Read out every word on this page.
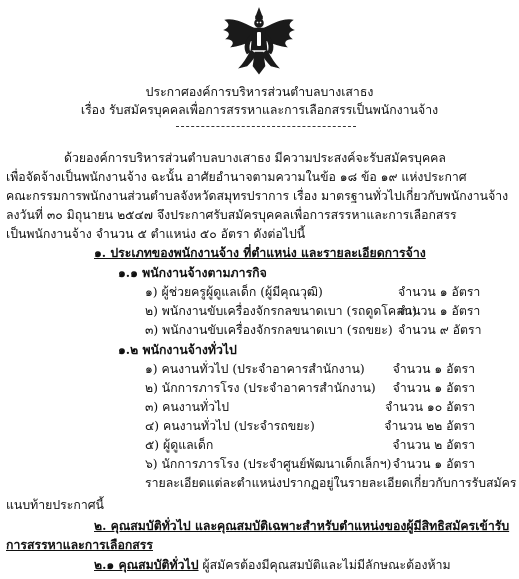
ประกาศองค์การบริหารส่วนตำบลบางเสาธง
เรื่อง รับสมัครบุคคลเพื่อการสรรหาและการเลือกสรรเป็นพนักงานจ้าง
ด้วยองค์การบริหารส่วนตำบลบางเสาธง มีความประสงค์จะรับสมัครบุคคล
เพื่อจัดจ้างเป็นพนักงานจ้าง ฉะนั้น อาศัยอำนาจตามความในข้อ ๑๘ ข้อ ๑๙ แห่งประกาศ
คณะกรรมการพนักงานส่วนตำบลจังหวัดสมุทรปราการ เรื่อง มาตรฐานทั่วไปเกี่ยวกับพนักงานจ้าง
ลงวันที่ ๓๐ มิถุนายน ๒๕๔๗ จึงประกาศรับสมัครบุคคลเพื่อการสรรหาและการเลือกสรร
เป็นพนักงานจ้าง จำนวน ๕ ตำแหน่ง ๕๐ อัตรา ดังต่อไปนี้
๑. ประเภทของพนักงานจ้าง ที่ตำแหน่ง และรายละเอียดการจ้าง
๑.๑ พนักงานจ้างตามภารกิจ
๑) ผู้ช่วยครูผู้ดูแลเด็ก (ผู้มีคุณวุฒิ)	จำนวน ๑ อัตรา
๒) พนักงานขับเครื่องจักรกลขนาดเบา (รถดูดโคลน)
จำนวน ๑ อัตรา
๓) พนักงานขับเครื่องจักรกลขนาดเบา (รถขยะ) จำนวน ๙ อัตรา
๑.๒ พนักงานจ้างทั่วไป
๑) คนงานทั่วไป (ประจำอาคารสำนักงาน)	จำนวน ๑ อัตรา
๒) นักการภารโรง (ประจำอาคารสำนักงาน)	จำนวน ๑ อัตรา
๓) คนงานทั่วไป	จำนวน ๑๐ อัตรา
๔) คนงานทั่วไป (ประจำรถขยะ)	จำนวน ๒๒ อัตรา
๕) ผู้ดูแลเด็ก	จำนวน ๒ อัตรา
๖) นักการภารโรง (ประจำศูนย์พัฒนาเด็กเล็กฯ) จำนวน ๑ อัตรา
รายละเอียดแต่ละตำแหน่งปรากฏอยู่ในรายละเอียดเกี่ยวกับการรับสมัคร
แนบท้ายประกาศนี้
๒. คุณสมบัติทั่วไป และคุณสมบัติเฉพาะสำหรับตำแหน่งของผู้มีสิทธิสมัครเข้ารับ
การสรรหาและการเลือกสรร
๒.๑ คุณสมบัติทั่วไป ผู้สมัครต้องมีคุณสมบัติและไม่มีลักษณะต้องห้าม
